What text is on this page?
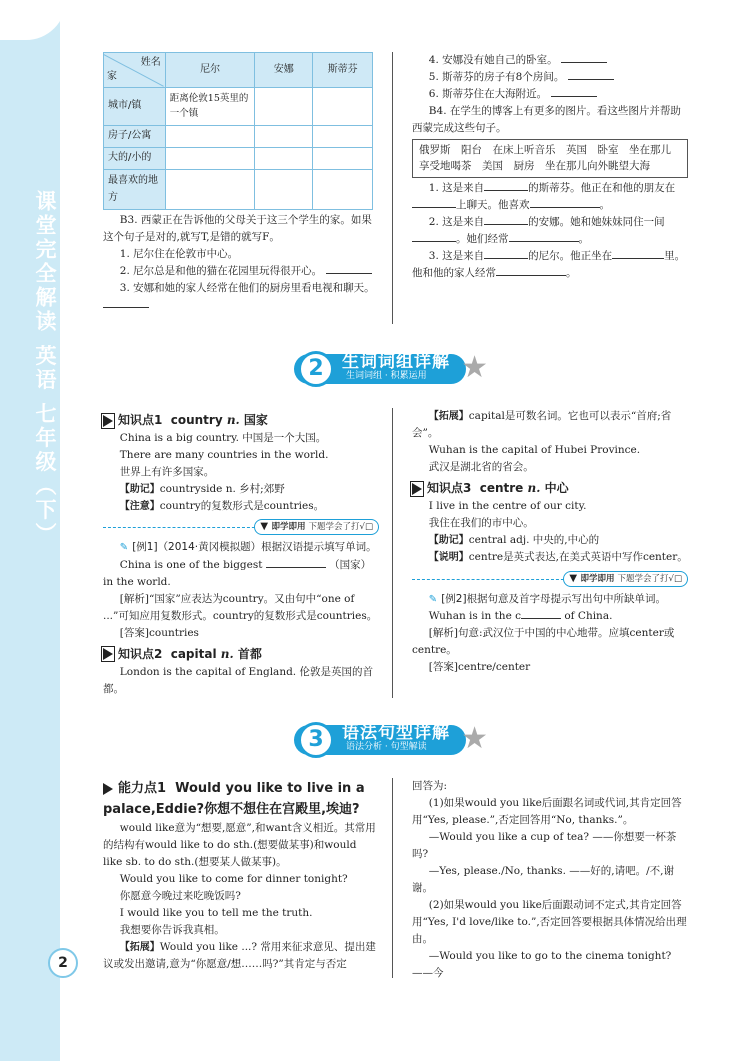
课堂完全解读 英语 七年级（下）
2
姓名
家	尼尔	安娜	斯蒂芬
城市/镇	距离伦敦15英里的一个镇		
房子/公寓			
大的/小的			
最喜欢的地方			

B3. 西蒙正在告诉他的父母关于这三个学生的家。如果这个句子是对的,就写T,是错的就写F。

1. 尼尔住在伦敦市中心。

2. 尼尔总是和他的猫在花园里玩得很开心。

3. 安娜和她的家人经常在他们的厨房里看电视和聊天。

4. 安娜没有她自己的卧室。

5. 斯蒂芬的房子有8个房间。

6. 斯蒂芬住在大海附近。

B4. 在学生的博客上有更多的图片。看这些图片并帮助西蒙完成这些句子。

俄罗斯　阳台　在床上听音乐　英国　卧室　坐在那儿享受地喝茶　美国　厨房　坐在那儿向外眺望大海

1. 这是来自	的斯蒂芬。他正在和他的朋友在上聊天。他喜欢	。

2. 这是来自	的安娜。她和她妹妹同住一间。她们经常	。

3. 这是来自	的尼尔。他正坐在	里。他和他的家人经常	。

2	生词词组详解
生词词组 · 积累运用 ★
知识点1 country n. 国家

China is a big country. 中国是一个大国。

There are many countries in the world.

世界上有许多国家。

【助记】countryside n. 乡村;郊野

【注意】country的复数形式是countries。

▼ 即学即用 下题学会了打√□

✎ [例1]（2014·黄冈模拟题）根据汉语提示填写单词。

China is one of the biggest	（国家）in the world.

[解析]“国家”应表达为country。又由句中“one of ...”可知应用复数形式。country的复数形式是countries。

[答案]countries

知识点2 capital n. 首都

London is the capital of England. 伦敦是英国的首都。

【拓展】capital是可数名词。它也可以表示“首府;省会”。

Wuhan is the capital of Hubei Province.

武汉是湖北省的省会。

知识点3 centre n. 中心

I live in the centre of our city.

我住在我们的市中心。

【助记】central adj. 中央的,中心的

【说明】centre是英式表达,在美式英语中写作center。

▼ 即学即用 下题学会了打√□

✎ [例2]根据句意及首字母提示写出句中所缺单词。

Wuhan is in the c	of China.

[解析]句意:武汉位于中国的中心地带。应填center或centre。

[答案]centre/center

3	语法句型详解
语法分析 · 句型解读 ★
能力点1 Would you like to live in a palace,Eddie?你想不想住在宫殿里,埃迪?

would like意为“想要,愿意”,和want含义相近。其常用的结构有would like to do sth.(想要做某事)和would like sb. to do sth.(想要某人做某事)。

Would you like to come for dinner tonight?

你愿意今晚过来吃晚饭吗?

I would like you to tell me the truth.

我想要你告诉我真相。

【拓展】Would you like ...? 常用来征求意见、提出建议或发出邀请,意为“你愿意/想……吗?”其肯定与否定

回答为:

(1)如果would you like后面跟名词或代词,其肯定回答用“Yes, please.”,否定回答用“No, thanks.”。

—Would you like a cup of tea? ——你想要一杯茶吗?

—Yes, please./No, thanks. ——好的,请吧。/不,谢谢。

(2)如果would you like后面跟动词不定式,其肯定回答用“Yes, I'd love/like to.”,否定回答要根据具体情况给出理由。

—Would you like to go to the cinema tonight? ——今
